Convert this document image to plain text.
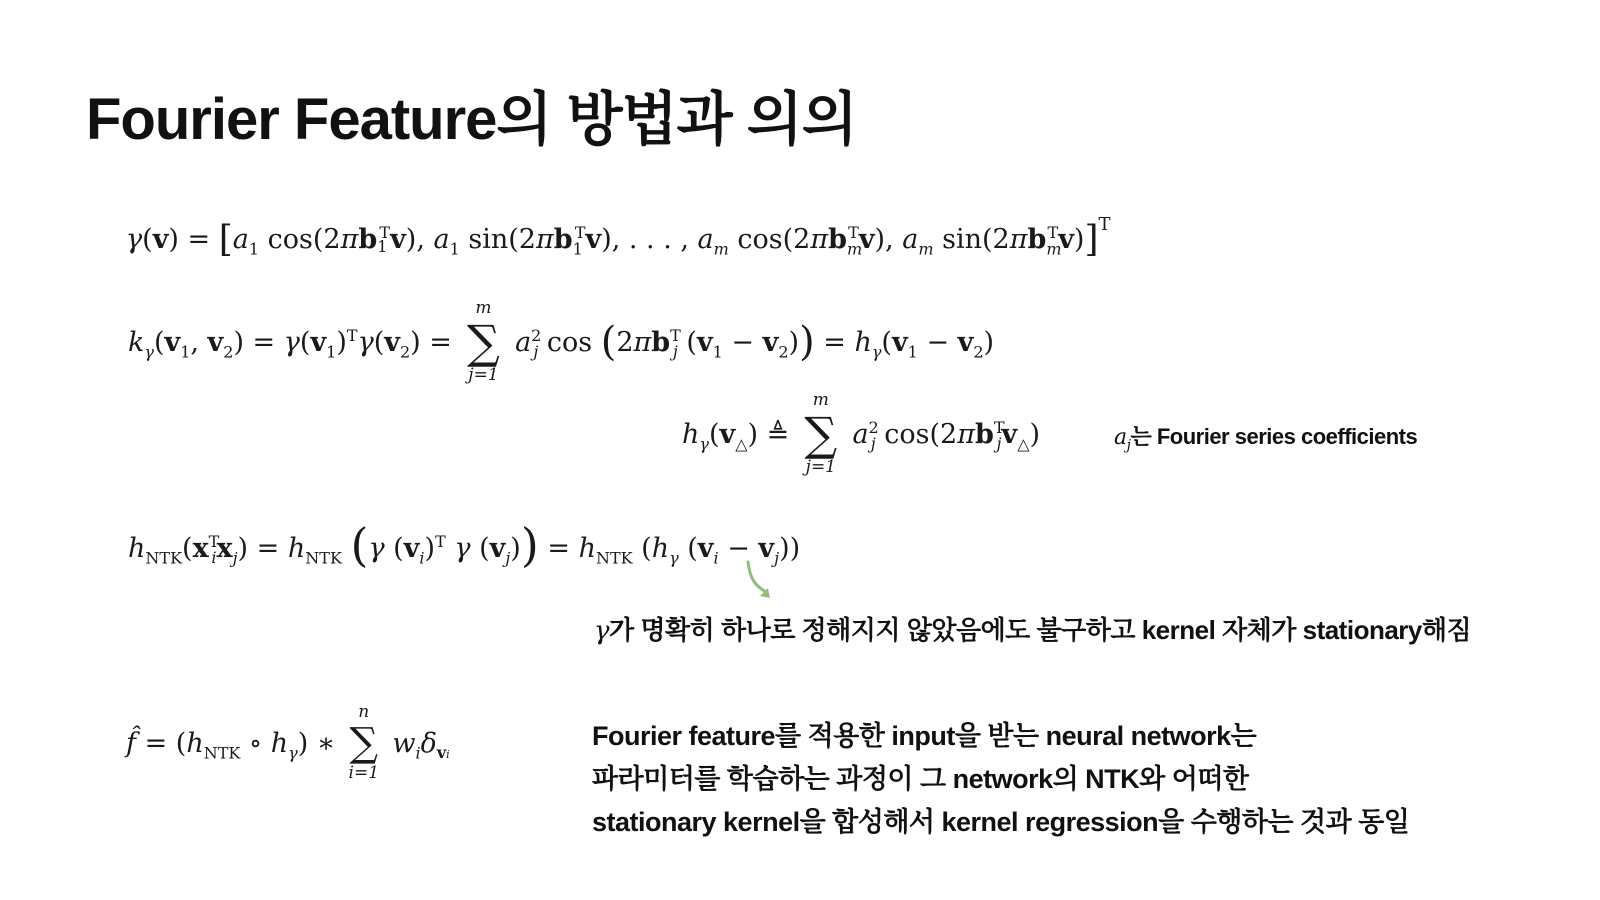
Fourier Feature의 방법과 의의
$\gamma(v) = [a_1$ $\cos(2\pi b_1^Tv)$, $a_1$ $\sin(2\pi b_1^Tv)$, . . . , $a_m$ $\cos(2\pi b_m^Tv)$, $a_m$ $\sin(2\pi b_m^Tv)]^T$
$k_\gamma(v_1$, $v_2) = \gamma(v_1)^T\gamma(v_2)$ =
m
∑
j=1
$a^2_j$ $\cos (2\pi b^T_j$ $(v_1 - v_2)) = h_\gamma(v_1 - v_2)$
$h_\gamma(v_\triangle)$ ≜
m
∑
j=1
$a^2_j$ $\cos(2\pi b^T_jv_\triangle)$	$a_j$는 Fourier series coefficients
$h_{NTK}(x^T_ix_j) = h_{NTK}$ (γ $(v_i)^T$ γ $(v_j)) = h_{NTK}$ ($h_\gamma$ $(v_i - v_j)$)
γ가 명확히 하나로 정해지지 않았음에도 불구하고 kernel 자체가 stationary해짐
f̂ = ($h_{NTK}$ ∘ $h_\gamma$) ∗
n
∑
i=1
$w_i\delta_{vi}$
Fourier feature를 적용한 input을 받는 neural network는
파라미터를 학습하는 과정이 그 network의 NTK와 어떠한
stationary kernel을 합성해서 kernel regression을 수행하는 것과 동일
